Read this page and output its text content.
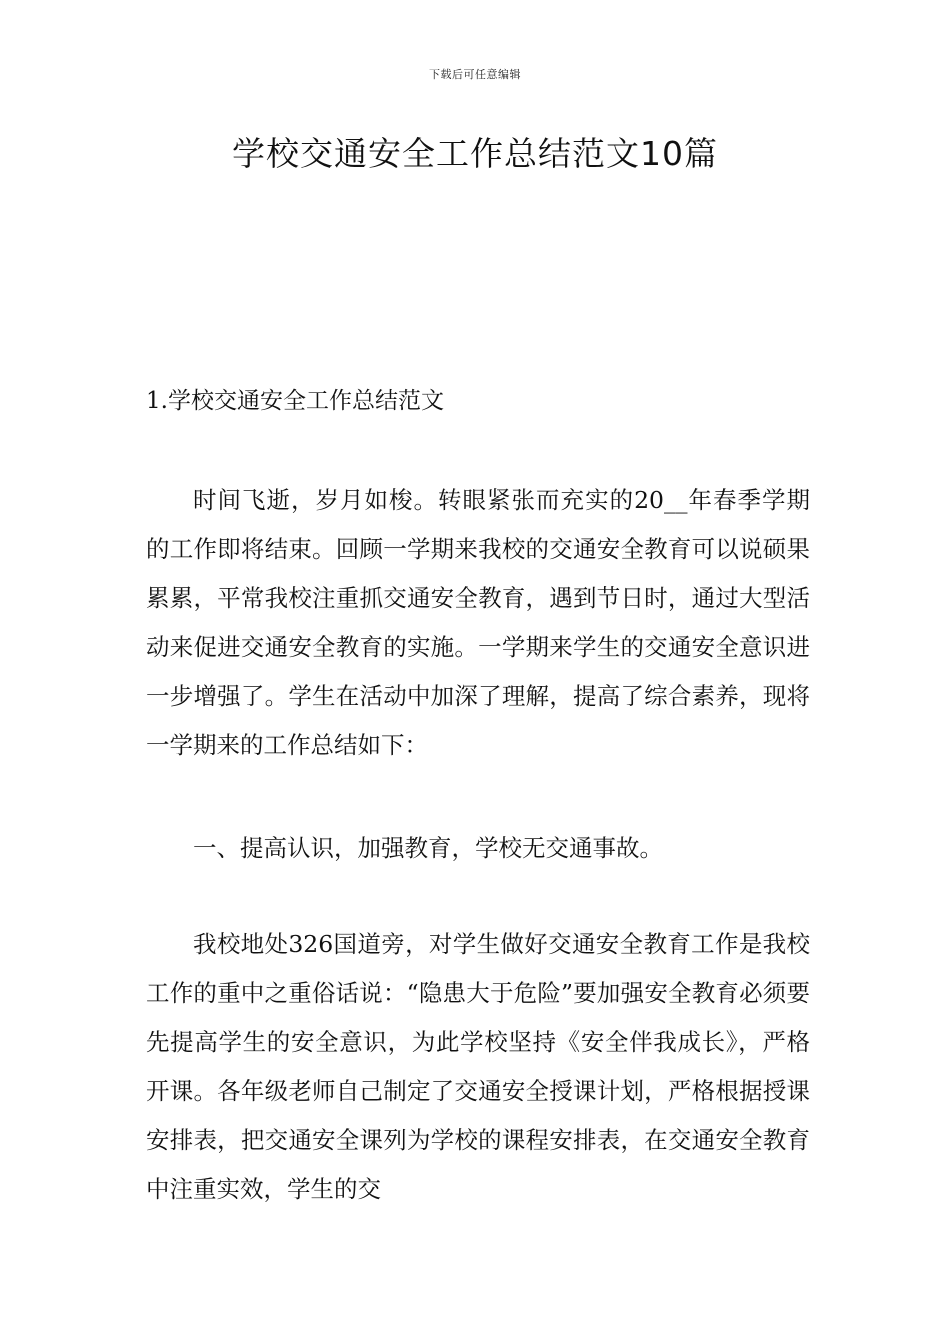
下载后可任意编辑
学校交通安全工作总结范文10篇
1.学校交通安全工作总结范文

时间飞逝，岁月如梭。转眼紧张而充实的20__年春季学期的工作即将结束。回顾一学期来我校的交通安全教育可以说硕果累累，平常我校注重抓交通安全教育，遇到节日时，通过大型活动来促进交通安全教育的实施。一学期来学生的交通安全意识进一步增强了。学生在活动中加深了理解，提高了综合素养，现将一学期来的工作总结如下：

一、提高认识，加强教育，学校无交通事故。

我校地处326国道旁，对学生做好交通安全教育工作是我校工作的重中之重俗话说：“隐患大于危险”要加强安全教育必须要先提高学生的安全意识，为此学校坚持《安全伴我成长》，严格开课。各年级老师自己制定了交通安全授课计划，严格根据授课安排表，把交通安全课列为学校的课程安排表，在交通安全教育中注重实效，学生的交
